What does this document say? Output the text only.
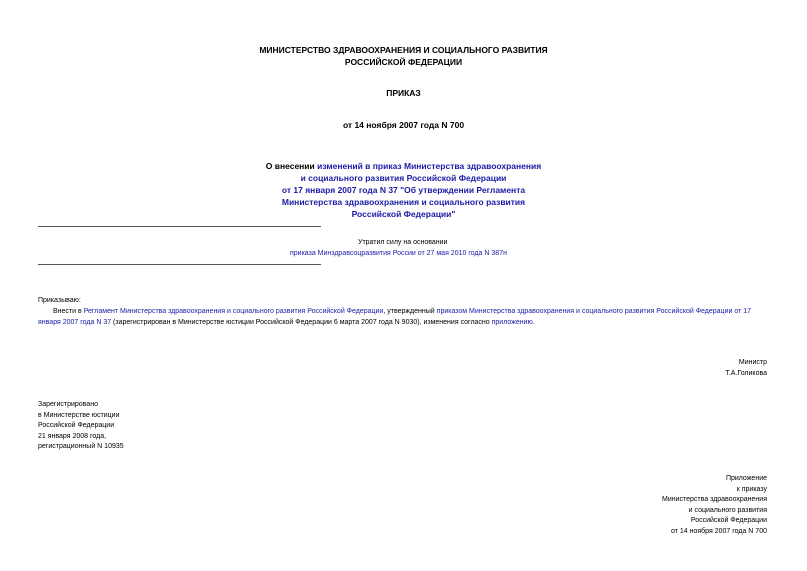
МИНИСТЕРСТВО ЗДРАВООХРАНЕНИЯ И СОЦИАЛЬНОГО РАЗВИТИЯ
РОССИЙСКОЙ ФЕДЕРАЦИИ
ПРИКАЗ
от 14 ноября 2007 года N 700
О внесении изменений в приказ Министерства здравоохранения
и социального развития Российской Федерации
от 17 января 2007 года N 37 "Об утверждении Регламента
Министерства здравоохранения и социального развития
Российской Федерации"
Утратил силу на основании
приказа Минздравсоцразвития России от 27 мая 2010 года N 387н
Приказываю:
Внести в Регламент Министерства здравоохранения и социального развития Российской Федерации, утвержденный приказом Министерства здравоохранения и социального развития Российской Федерации от 17 января 2007 года N 37 (зарегистрирован в Министерстве юстиции Российской Федерации 6 марта 2007 года N 9030), изменения согласно приложению.
Министр
Т.А.Голикова
Зарегистрировано
в Министерстве юстиции
Российской Федерации
21 января 2008 года,
регистрационный N 10935
Приложение
к приказу
Министерства здравоохранения
и социального развития
Российской Федерации
от 14 ноября 2007 года N 700
